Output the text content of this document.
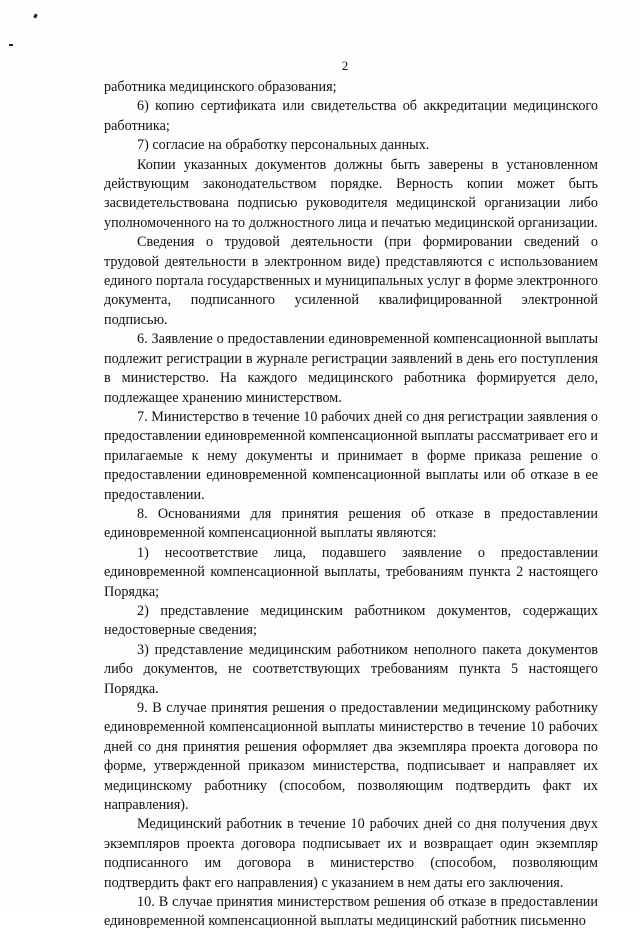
2

работника медицинского образования;

6) копию сертификата или свидетельства об аккредитации медицинского работника;

7) согласие на обработку персональных данных.

Копии указанных документов должны быть заверены в установленном действующим законодательством порядке. Верность копии может быть засвидетельствована подписью руководителя медицинской организации либо уполномоченного на то должностного лица и печатью медицинской организации.

Сведения о трудовой деятельности (при формировании сведений о трудовой деятельности в электронном виде) представляются с использованием единого портала государственных и муниципальных услуг в форме электронного документа, подписанного усиленной квалифицированной электронной подписью.

6. Заявление о предоставлении единовременной компенсационной выплаты подлежит регистрации в журнале регистрации заявлений в день его поступления в министерство. На каждого медицинского работника формируется дело, подлежащее хранению министерством.

7. Министерство в течение 10 рабочих дней со дня регистрации заявления о предоставлении единовременной компенсационной выплаты рассматривает его и прилагаемые к нему документы и принимает в форме приказа решение о предоставлении единовременной компенсационной выплаты или об отказе в ее предоставлении.

8. Основаниями для принятия решения об отказе в предоставлении единовременной компенсационной выплаты являются:

1) несоответствие лица, подавшего заявление о предоставлении единовременной компенсационной выплаты, требованиям пункта 2 настоящего Порядка;

2) представление медицинским работником документов, содержащих недостоверные сведения;

3) представление медицинским работником неполного пакета документов либо документов, не соответствующих требованиям пункта 5 настоящего Порядка.

9. В случае принятия решения о предоставлении медицинскому работнику единовременной компенсационной выплаты министерство в течение 10 рабочих дней со дня принятия решения оформляет два экземпляра проекта договора по форме, утвержденной приказом министерства, подписывает и направляет их медицинскому работнику (способом, позволяющим подтвердить факт их направления).

Медицинский работник в течение 10 рабочих дней со дня получения двух экземпляров проекта договора подписывает их и возвращает один экземпляр подписанного им договора в министерство (способом, позволяющим подтвердить факт его направления) с указанием в нем даты его заключения.

10. В случае принятия министерством решения об отказе в предоставлении единовременной компенсационной выплаты медицинский работник письменно
